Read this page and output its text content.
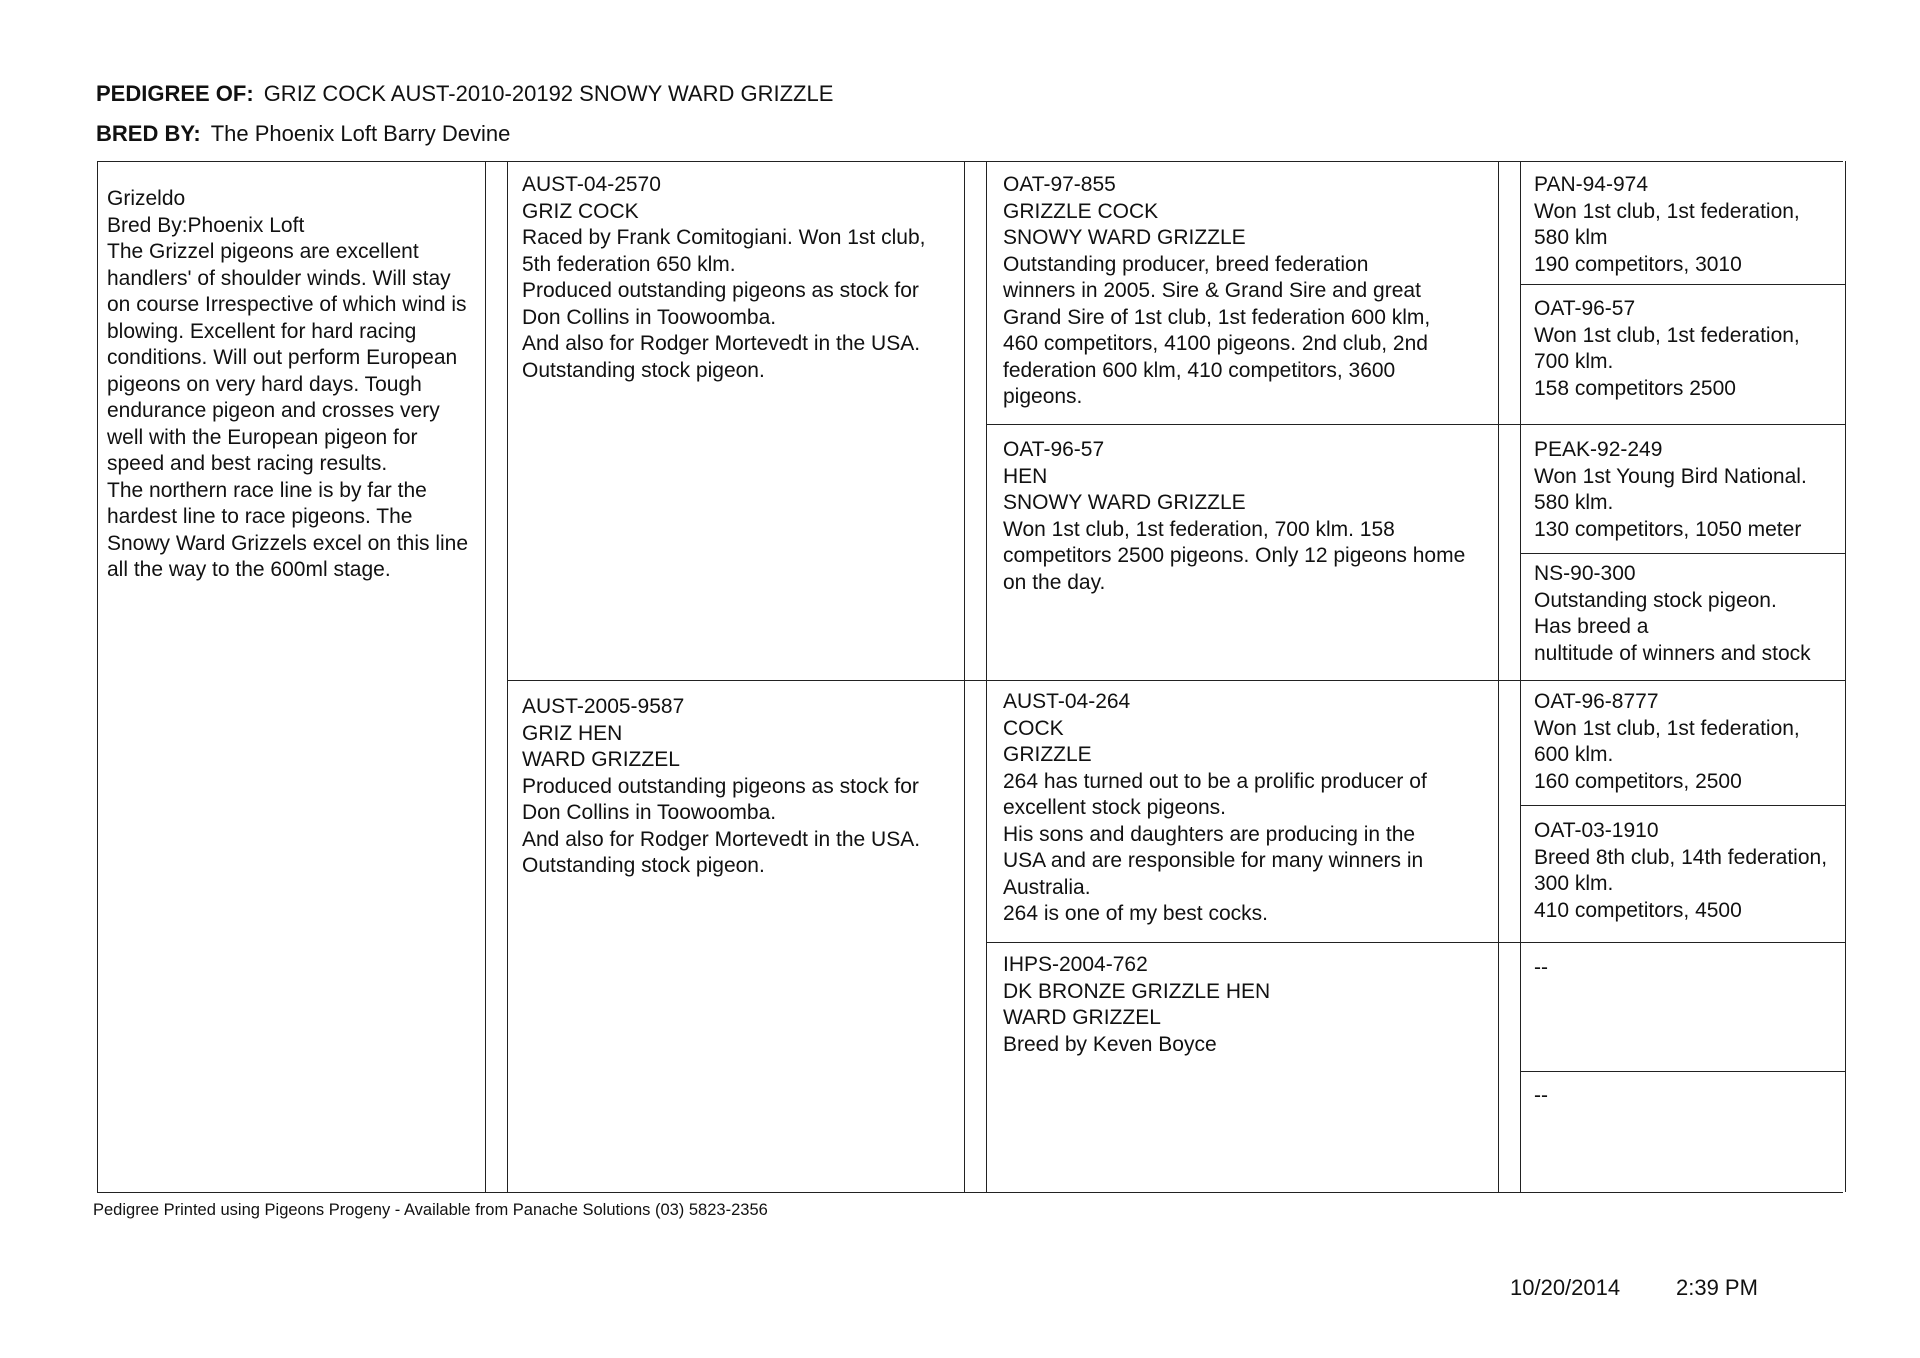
PEDIGREE OF: GRIZ COCK AUST-2010-20192 SNOWY WARD GRIZZLE
BRED BY: The Phoenix Loft Barry Devine
Grizeldo
Bred By:Phoenix Loft
The Grizzel pigeons are excellent handlers' of shoulder winds. Will stay on course Irrespective of which wind is blowing. Excellent for hard racing conditions. Will out perform European pigeons on very hard days. Tough endurance pigeon and crosses very well with the European pigeon for speed and best racing results.
The northern race line is by far the hardest line to race pigeons. The Snowy Ward Grizzels excel on this line all the way to the 600ml stage.
AUST-04-2570
GRIZ COCK
Raced by Frank Comitogiani. Won 1st club,
5th federation 650 klm.
Produced outstanding pigeons as stock for
Don Collins in Toowoomba.
And also for Rodger Mortevedt in the USA.
Outstanding stock pigeon.
AUST-2005-9587
GRIZ HEN
WARD GRIZZEL
Produced outstanding pigeons as stock for
Don Collins in Toowoomba.
And also for Rodger Mortevedt in the USA.
Outstanding stock pigeon.
OAT-97-855
GRIZZLE COCK
SNOWY WARD GRIZZLE
Outstanding producer, breed federation winners in 2005. Sire & Grand Sire and great Grand Sire of 1st club, 1st federation 600 klm, 460 competitors, 4100 pigeons. 2nd club, 2nd federation 600 klm, 410 competitors, 3600 pigeons.
OAT-96-57
HEN
SNOWY WARD GRIZZLE
Won 1st club, 1st federation, 700 klm. 158 competitors 2500 pigeons. Only 12 pigeons home on the day.
AUST-04-264
COCK
GRIZZLE
264 has turned out to be a prolific producer of excellent stock pigeons.
His sons and daughters are producing in the USA and are responsible for many winners in Australia.
264 is one of my best cocks.
IHPS-2004-762
DK BRONZE GRIZZLE HEN
WARD GRIZZEL
Breed by Keven Boyce
PAN-94-974
Won 1st club, 1st federation, 580 klm
190 competitors, 3010
OAT-96-57
Won 1st club, 1st federation, 700 klm.
158 competitors 2500
PEAK-92-249
Won 1st Young Bird National.
580 klm.
130 competitors, 1050 meter
NS-90-300
Outstanding stock pigeon.
Has breed a
nultitude of winners and stock
OAT-96-8777
Won 1st club, 1st federation, 600 klm.
160 competitors, 2500
OAT-03-1910
Breed 8th club, 14th federation, 300 klm.
410 competitors, 4500
--
--
Pedigree Printed using Pigeons Progeny - Available from Panache Solutions (03) 5823-2356
10/20/2014	2:39 PM
